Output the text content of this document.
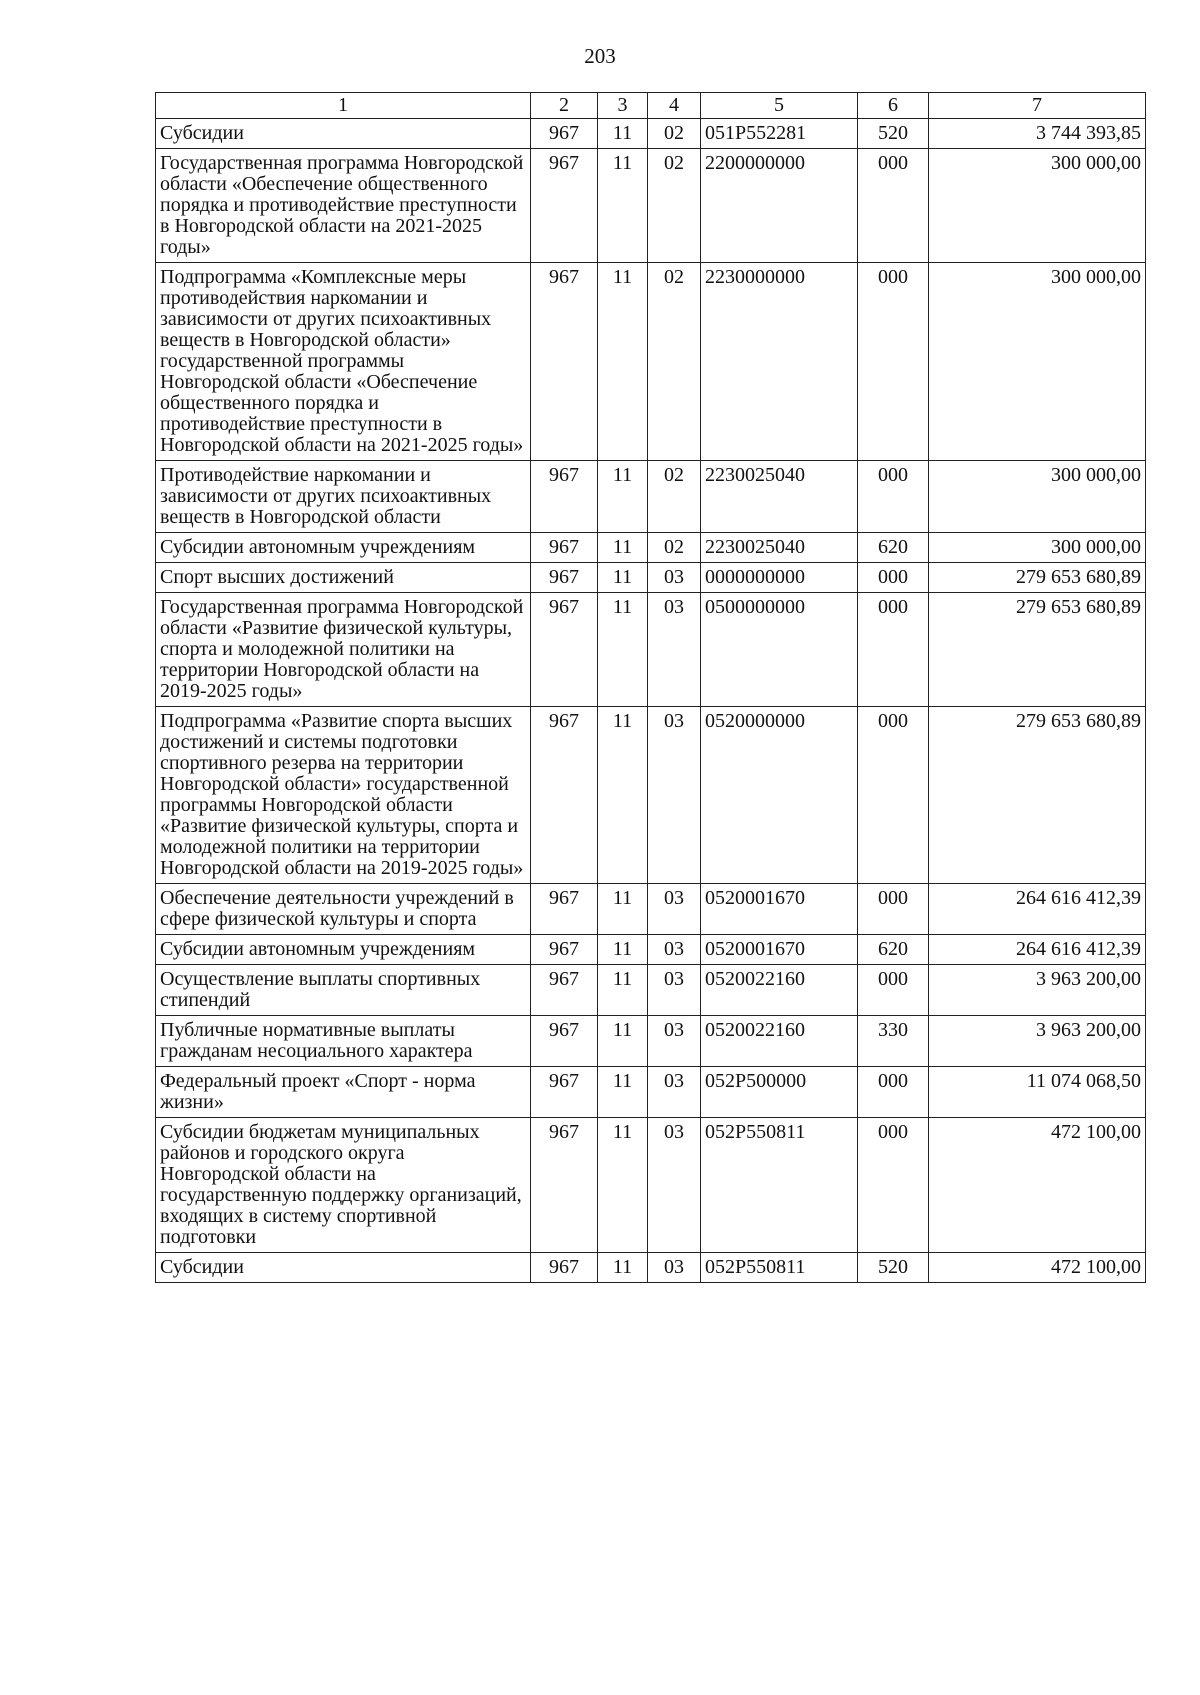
203
1	2	3	4	5	6	7
Субсидии	967	11	02	051P552281	520	3 744 393,85
Государственная программа Новгородской области «Обеспечение общественного порядка и противодействие преступности в Новгородской области на 2021-2025 годы»	967	11	02	2200000000	000	300 000,00
Подпрограмма «Комплексные меры противодействия наркомании и зависимости от других психоактивных веществ в Новгородской области» государственной программы Новгородской области «Обеспечение общественного порядка и противодействие преступности в Новгородской области на 2021-2025 годы»	967	11	02	2230000000	000	300 000,00
Противодействие наркомании и зависимости от других психоактивных веществ в Новгородской области	967	11	02	2230025040	000	300 000,00
Субсидии автономным учреждениям	967	11	02	2230025040	620	300 000,00
Спорт высших достижений	967	11	03	0000000000	000	279 653 680,89
Государственная программа Новгородской области «Развитие физической культуры, спорта и молодежной политики на территории Новгородской области на 2019-2025 годы»	967	11	03	0500000000	000	279 653 680,89
Подпрограмма «Развитие спорта высших достижений и системы подготовки спортивного резерва на территории Новгородской области» государственной программы Новгородской области «Развитие физической культуры, спорта и молодежной политики на территории Новгородской области на 2019-2025 годы»	967	11	03	0520000000	000	279 653 680,89
Обеспечение деятельности учреждений в сфере физической культуры и спорта	967	11	03	0520001670	000	264 616 412,39
Субсидии автономным учреждениям	967	11	03	0520001670	620	264 616 412,39
Осуществление выплаты спортивных стипендий	967	11	03	0520022160	000	3 963 200,00
Публичные нормативные выплаты гражданам несоциального характера	967	11	03	0520022160	330	3 963 200,00
Федеральный проект «Спорт - норма жизни»	967	11	03	052P500000	000	11 074 068,50
Субсидии бюджетам муниципальных районов и городского округа Новгородской области на государственную поддержку организаций, входящих в систему спортивной подготовки	967	11	03	052P550811	000	472 100,00
Субсидии	967	11	03	052P550811	520	472 100,00
